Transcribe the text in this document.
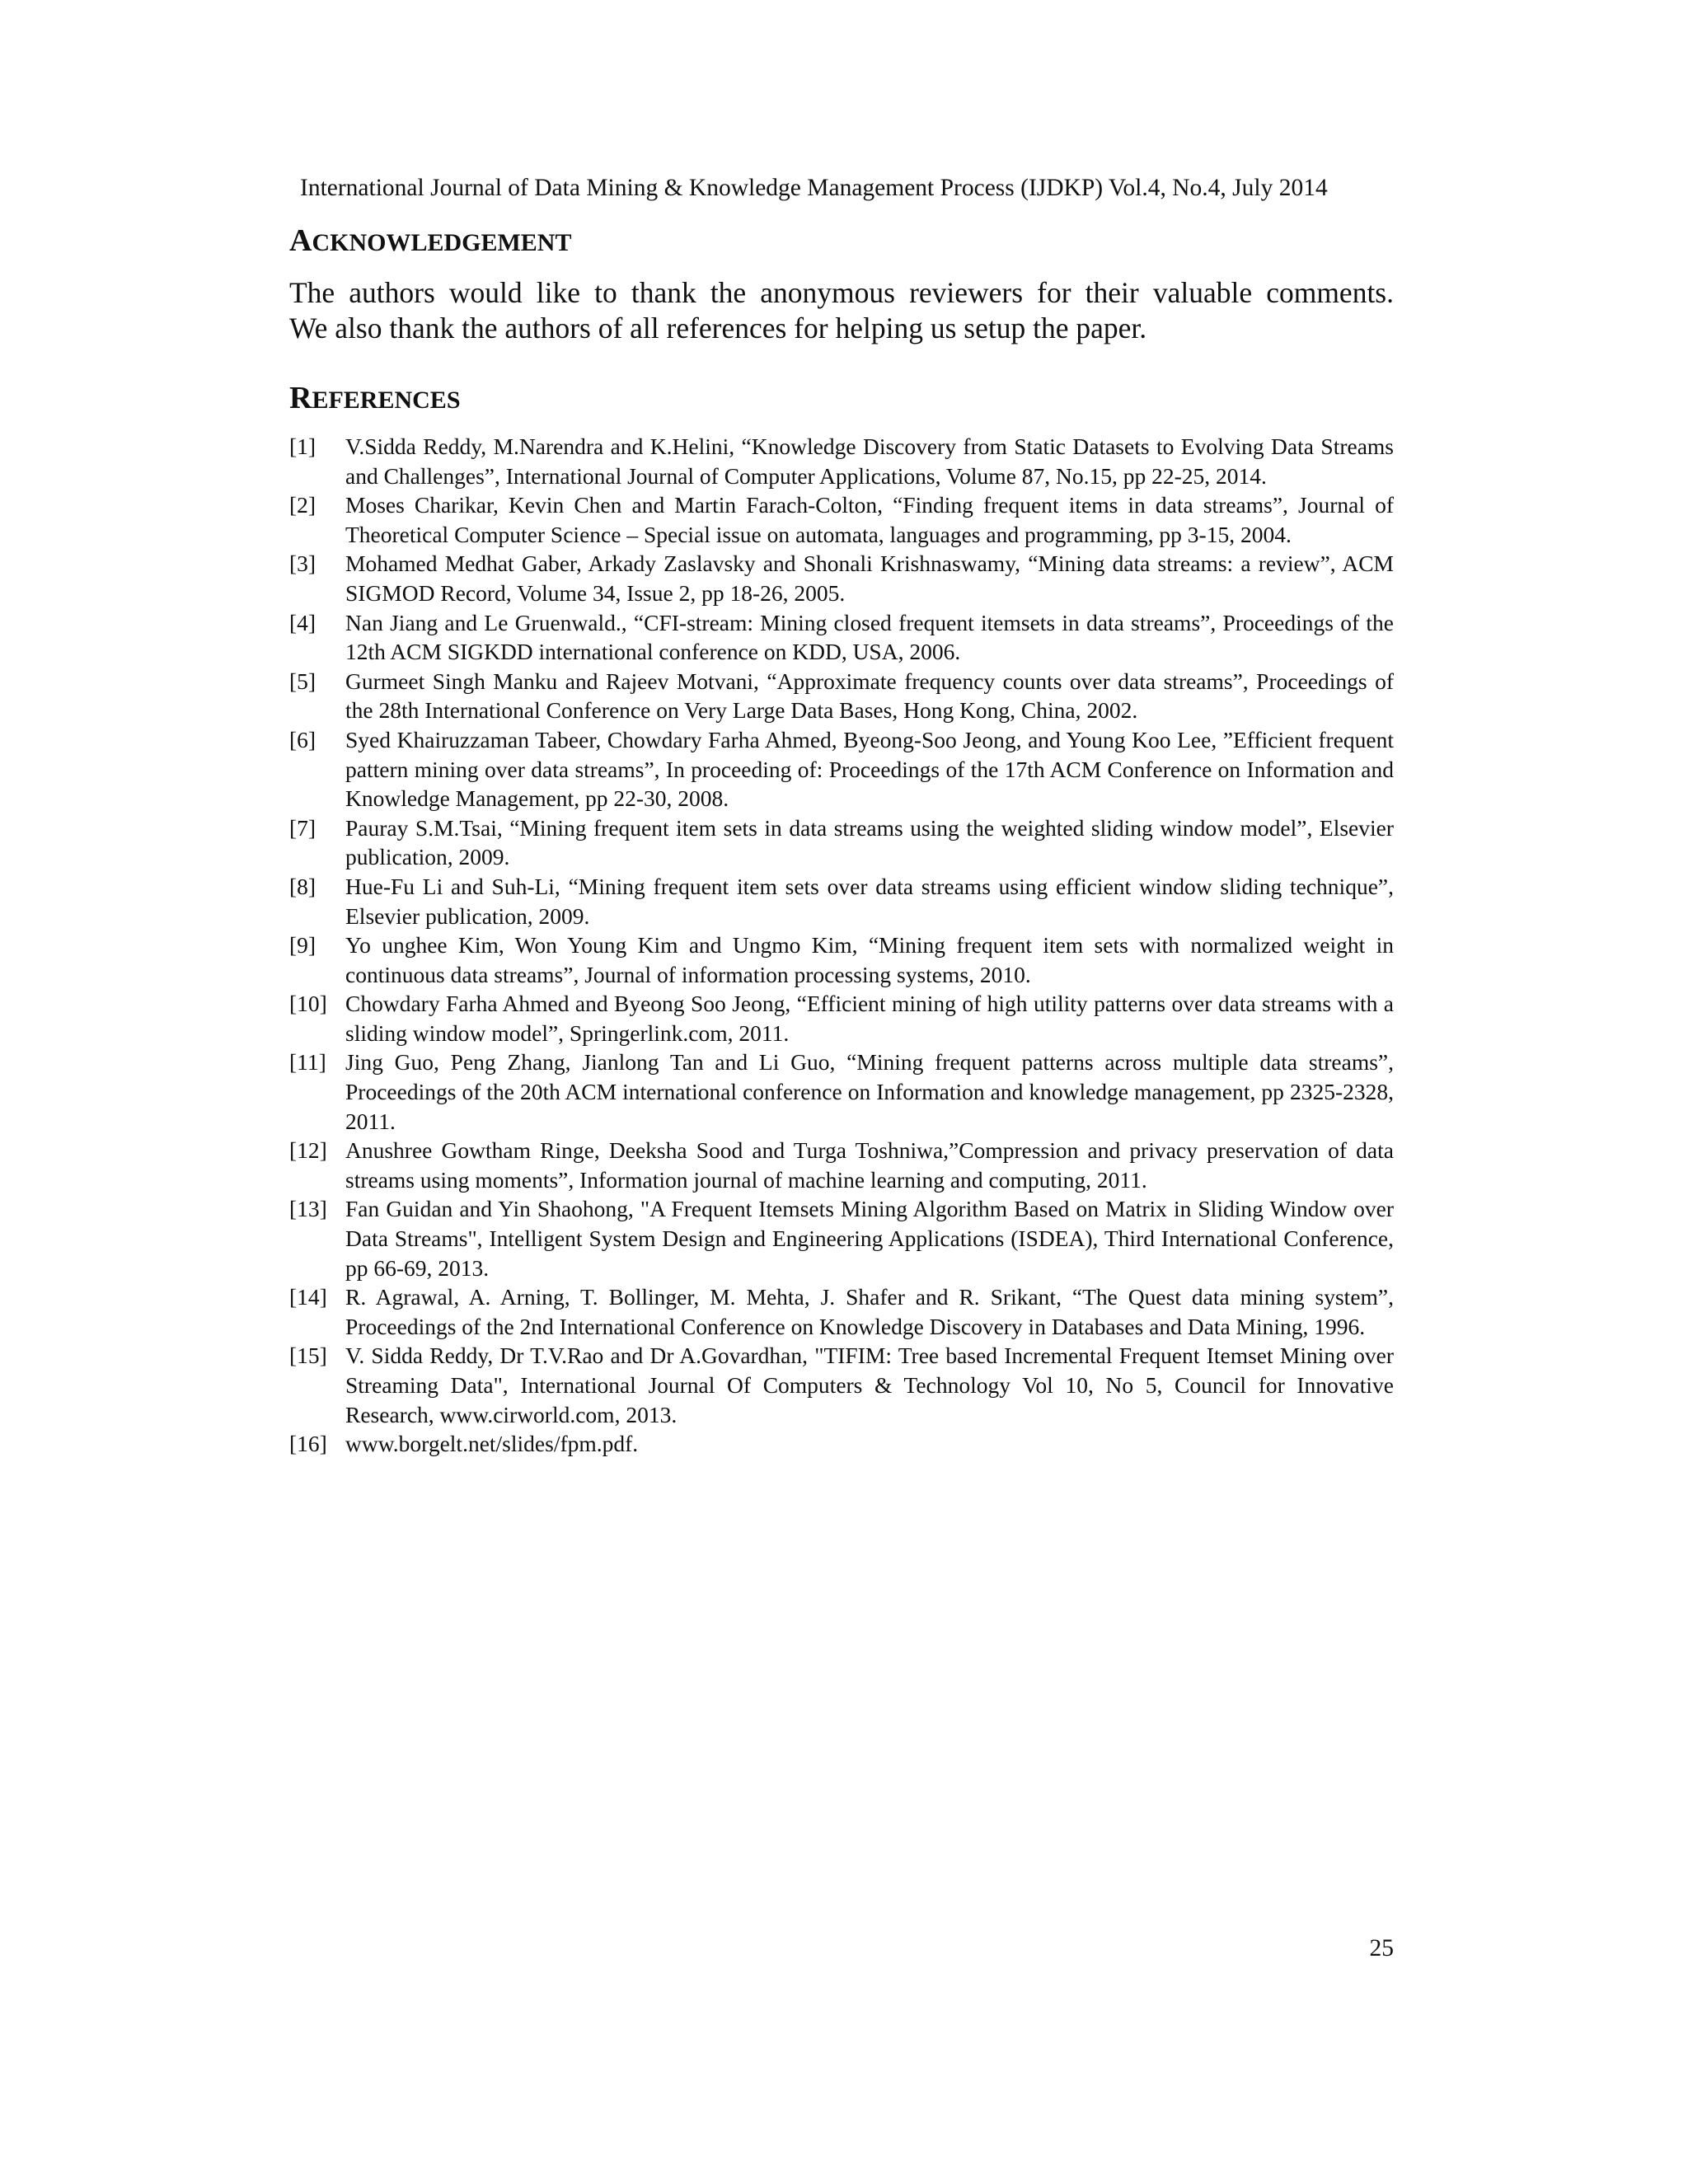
International Journal of Data Mining & Knowledge Management Process (IJDKP) Vol.4, No.4, July 2014
ACKNOWLEDGEMENT
The authors would like to thank the anonymous reviewers for their valuable comments.
We also thank the authors of all references for helping us setup the paper.
REFERENCES
[1] V.Sidda Reddy, M.Narendra and K.Helini, “Knowledge Discovery from Static Datasets to Evolving Data Streams and Challenges”, International Journal of Computer Applications, Volume 87, No.15, pp 22-25, 2014.
[2] Moses Charikar, Kevin Chen and Martin Farach-Colton, “Finding frequent items in data streams”, Journal of Theoretical Computer Science – Special issue on automata, languages and programming, pp 3-15, 2004.
[3] Mohamed Medhat Gaber, Arkady Zaslavsky and Shonali Krishnaswamy, “Mining data streams: a review”, ACM SIGMOD Record, Volume 34, Issue 2, pp 18-26, 2005.
[4] Nan Jiang and Le Gruenwald., “CFI-stream: Mining closed frequent itemsets in data streams”, Proceedings of the 12th ACM SIGKDD international conference on KDD, USA, 2006.
[5] Gurmeet Singh Manku and Rajeev Motvani, “Approximate frequency counts over data streams”, Proceedings of the 28th International Conference on Very Large Data Bases, Hong Kong, China, 2002.
[6] Syed Khairuzzaman Tabeer, Chowdary Farha Ahmed, Byeong-Soo Jeong, and Young Koo Lee, ”Efficient frequent pattern mining over data streams”, In proceeding of: Proceedings of the 17th ACM Conference on Information and Knowledge Management, pp 22-30, 2008.
[7] Pauray S.M.Tsai, “Mining frequent item sets in data streams using the weighted sliding window model”, Elsevier publication, 2009.
[8] Hue-Fu Li and Suh-Li, “Mining frequent item sets over data streams using efficient window sliding technique”, Elsevier publication, 2009.
[9] Yo unghee Kim, Won Young Kim and Ungmo Kim, “Mining frequent item sets with normalized weight in continuous data streams”, Journal of information processing systems, 2010.
[10] Chowdary Farha Ahmed and Byeong Soo Jeong, “Efficient mining of high utility patterns over data streams with a sliding window model”, Springerlink.com, 2011.
[11] Jing Guo, Peng Zhang, Jianlong Tan and Li Guo, “Mining frequent patterns across multiple data streams”, Proceedings of the 20th ACM international conference on Information and knowledge management, pp 2325-2328, 2011.
[12] Anushree Gowtham Ringe, Deeksha Sood and Turga Toshniwa,”Compression and privacy preservation of data streams using moments”, Information journal of machine learning and computing, 2011.
[13] Fan Guidan and Yin Shaohong, "A Frequent Itemsets Mining Algorithm Based on Matrix in Sliding Window over Data Streams", Intelligent System Design and Engineering Applications (ISDEA), Third International Conference, pp 66-69, 2013.
[14] R. Agrawal, A. Arning, T. Bollinger, M. Mehta, J. Shafer and R. Srikant, “The Quest data mining system”, Proceedings of the 2nd International Conference on Knowledge Discovery in Databases and Data Mining, 1996.
[15] V. Sidda Reddy, Dr T.V.Rao and Dr A.Govardhan, "TIFIM: Tree based Incremental Frequent Itemset Mining over Streaming Data", International Journal Of Computers & Technology Vol 10, No 5, Council for Innovative Research, www.cirworld.com, 2013.
[16] www.borgelt.net/slides/fpm.pdf.
25
